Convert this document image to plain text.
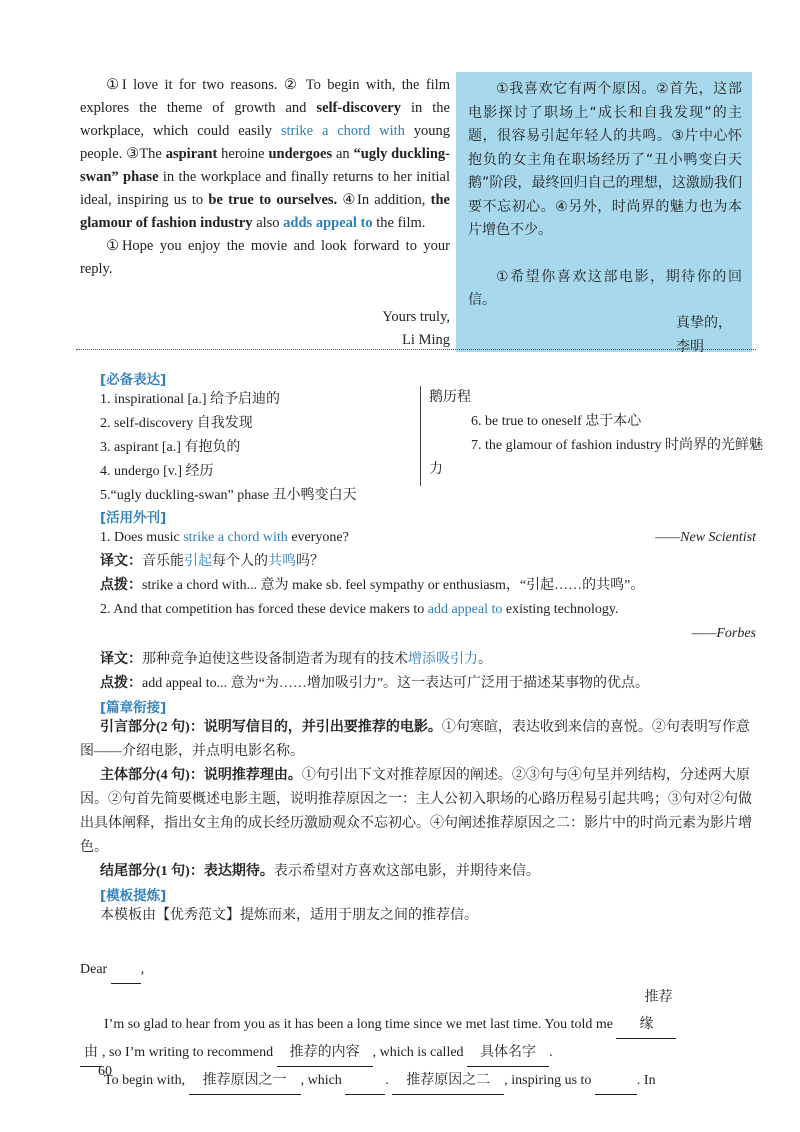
①I love it for two reasons. ② To begin with, the film explores the theme of growth and self-discovery in the workplace, which could easily strike a chord with young people. ③The aspirant heroine undergoes an “ugly duckling-swan” phase in the workplace and finally returns to her initial ideal, inspiring us to be true to ourselves. ④In addition, the glamour of fashion industry also adds appeal to the film.

①Hope you enjoy the movie and look forward to your reply.

Yours truly,
Li Ming

①我喜欢它有两个原因。②首先，这部电影探讨了职场上“成长和自我发现”的主题，很容易引起年轻人的共鸣。③片中心怀抱负的女主角在职场经历了“丑小鸭变白天鹅”阶段，最终回归自己的理想，这激励我们要不忘初心。④另外，时尚界的魅力也为本片增色不少。

①希望你喜欢这部电影，期待你的回信。

真挚的，
李明
[必备表达]
1. inspirational [a.] 给予启迪的
2. self-discovery 自我发现
3. aspirant [a.] 有抱负的
4. undergo [v.] 经历
5.“ugly duckling-swan” phase 丑小鸭变白天
鹅历程
6. be true to oneself 忠于本心
7. the glamour of fashion industry 时尚界的光鲜魅力
[活用外刊]
1. Does music strike a chord with everyone?	——New Scientist
译文：音乐能引起每个人的共鸣吗？
点拨：strike a chord with... 意为 make sb. feel sympathy or enthusiasm，“引起……的共鸣”。
2. And that competition has forced these device makers to add appeal to existing technology.
——Forbes
译文：那种竞争迫使这些设备制造者为现有的技术增添吸引力。
点拨：add appeal to... 意为“为……增加吸引力”。这一表达可广泛用于描述某事物的优点。
[篇章衔接]
引言部分(2 句)：说明写信目的，并引出要推荐的电影。①句寒暄，表达收到来信的喜悦。②句表明写作意图——介绍电影，并点明电影名称。
主体部分(4 句)：说明推荐理由。①句引出下文对推荐原因的阐述。②③句与④句呈并列结构，分述两大原因。②句首先简要概述电影主题，说明推荐原因之一：主人公初入职场的心路历程易引起共鸣；③句对②句做出具体阐释，指出女主角的成长经历激励观众不忘初心。④句阐述推荐原因之二：影片中的时尚元素为影片增色。
结尾部分(1 句)：表达期待。表示希望对方喜欢这部电影，并期待来信。
[模板提炼]
本模板由【优秀范文】提炼而来，适用于朋友之间的推荐信。
Dear ,
I’m so glad to hear from you as it has been a long time since we met last time. You told me 推荐缘
由 , so I’m writing to recommend 推荐的内容 , which is called 具体名字 .
To begin with, 推荐原因之一 , which	. 推荐原因之二 , inspiring us to	. In
60
